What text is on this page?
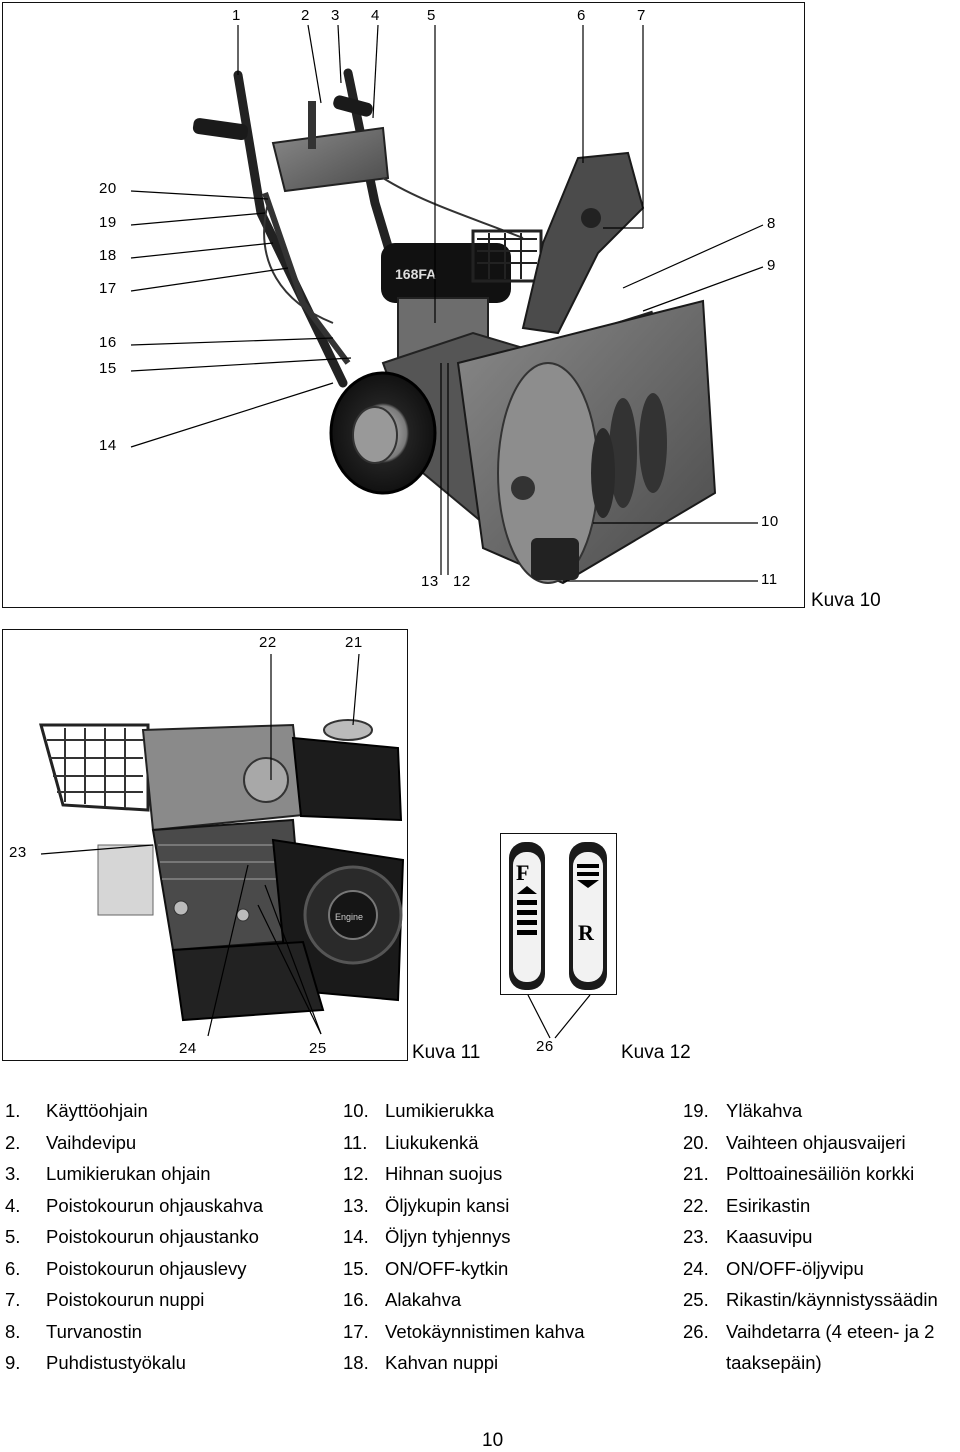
168FA
1	2 3 4	5	6	7
8
9
10
11
12
13
14
15
16
17
18
19
20
Kuva 10
Engine
22	21
23
24	25	Kuva 11
F
R
26	Kuva 12
1. Käyttöohjain
2. Vaihdevipu
3. Lumikierukan ohjain
4. Poistokourun ohjauskahva
5. Poistokourun ohjaustanko
6. Poistokourun ohjauslevy
7. Poistokourun nuppi
8. Turvanostin
9. Puhdistustyökalu
10. Lumikierukka
11. Liukukenkä
12. Hihnan suojus
13. Öljykupin kansi
14. Öljyn tyhjennys
15. ON/OFF-kytkin
16. Alakahva
17. Vetokäynnistimen kahva
18. Kahvan nuppi
19. Yläkahva
20. Vaihteen ohjausvaijeri
21. Polttoainesäiliön korkki
22. Esirikastin
23. Kaasuvipu
24. ON/OFF-öljyvipu
25. Rikastin/käynnistyssäädin
26. Vaihdetarra (4 eteen- ja 2
taaksepäin)
10
